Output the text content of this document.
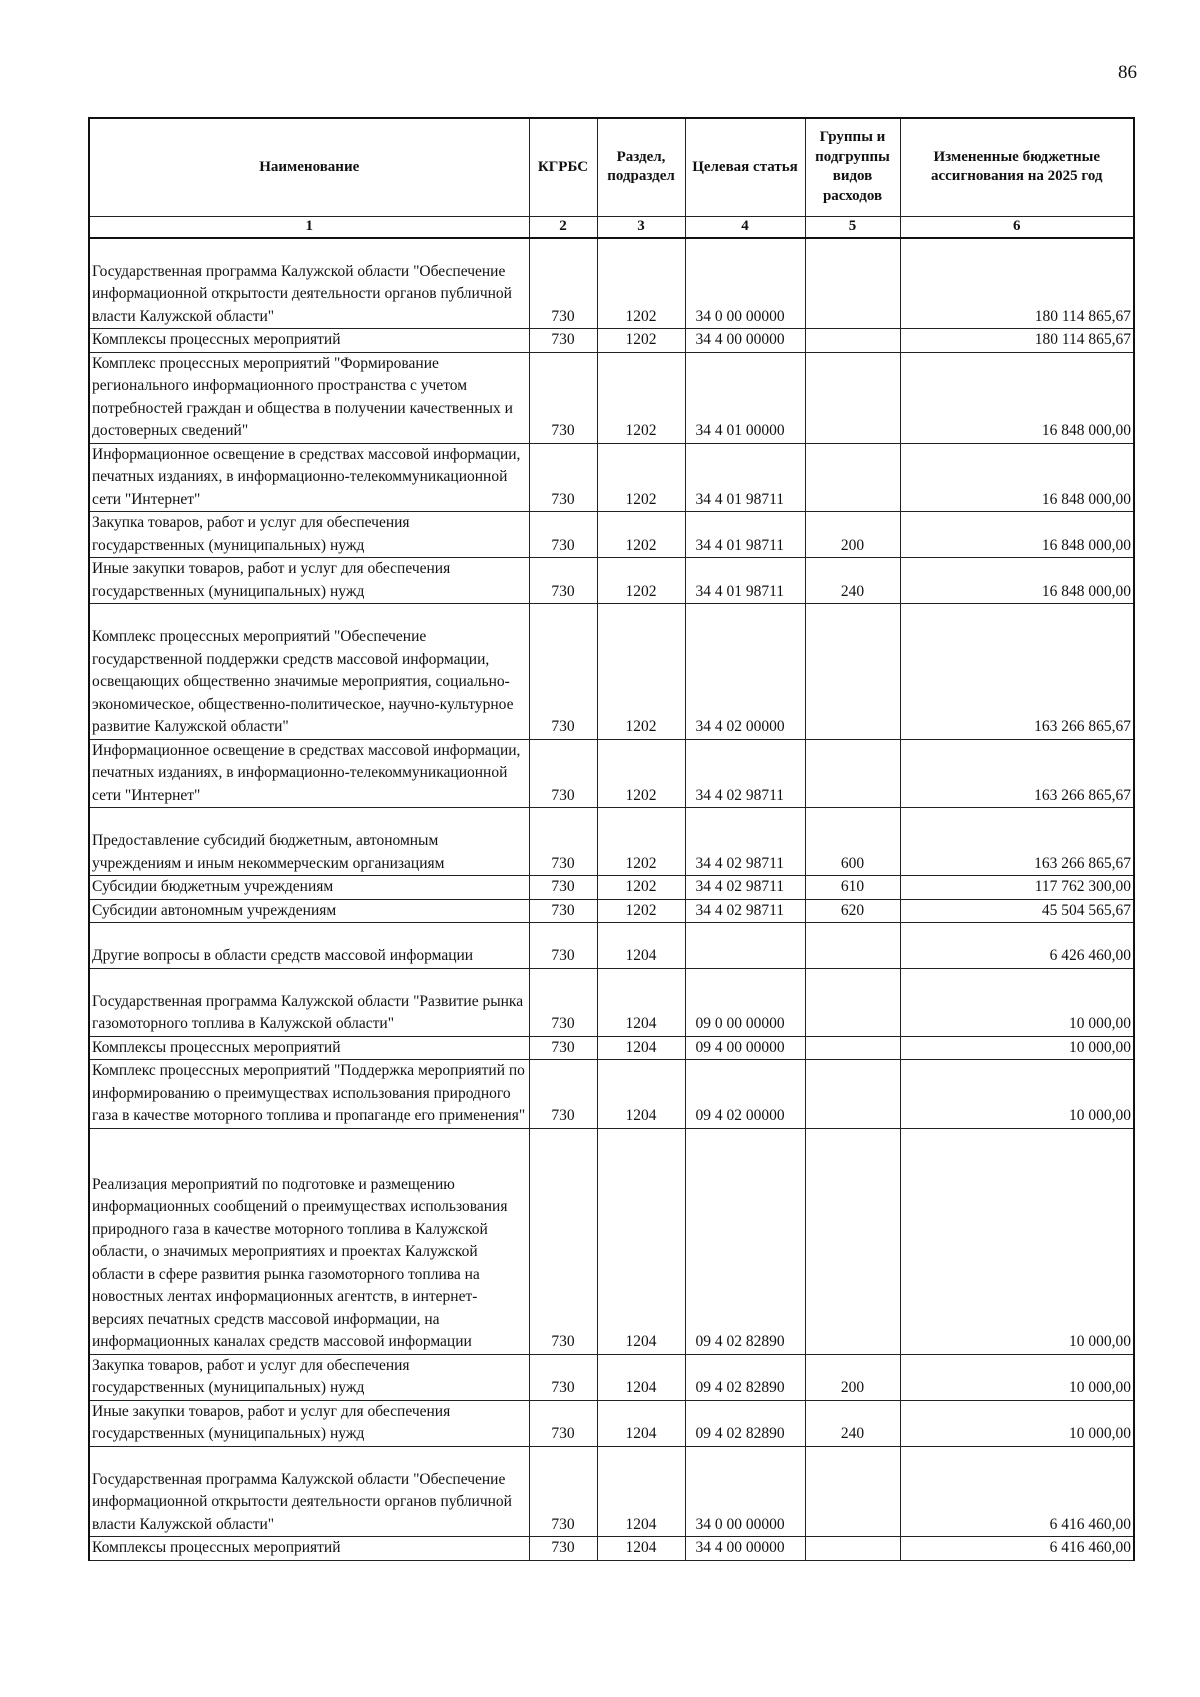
86
Наименование	КГРБС	Раздел, подраздел	Целевая статья	Группы и подгруппы видов расходов	Измененные бюджетные ассигнования на 2025 год
1	2	3	4	5	6

Государственная программа Калужской области "Обеспечение информационной открытости деятельности органов публичной власти Калужской области"	730	1202	34 0 00 00000		180 114 865,67

Комплексы процессных мероприятий	730	1202	34 4 00 00000		180 114 865,67

Комплекс процессных мероприятий "Формирование регионального информационного пространства с учетом потребностей граждан и общества в получении качественных и достоверных сведений"	730	1202	34 4 01 00000		16 848 000,00

Информационное освещение в средствах массовой информации, печатных изданиях, в информационно-телекоммуникационной сети "Интернет"	730	1202	34 4 01 98711		16 848 000,00

Закупка товаров, работ и услуг для обеспечения государственных (муниципальных) нужд	730	1202	34 4 01 98711	200	16 848 000,00

Иные закупки товаров, работ и услуг для обеспечения государственных (муниципальных) нужд	730	1202	34 4 01 98711	240	16 848 000,00

Комплекс процессных мероприятий "Обеспечение государственной поддержки средств массовой информации, освещающих общественно значимые мероприятия, социально-экономическое, общественно-политическое, научно-культурное развитие Калужской области"	730	1202	34 4 02 00000		163 266 865,67

Информационное освещение в средствах массовой информации, печатных изданиях, в информационно-телекоммуникационной сети "Интернет"	730	1202	34 4 02 98711		163 266 865,67

Предоставление субсидий бюджетным, автономным учреждениям и иным некоммерческим организациям	730	1202	34 4 02 98711	600	163 266 865,67

Субсидии бюджетным учреждениям	730	1202	34 4 02 98711	610	117 762 300,00

Субсидии автономным учреждениям	730	1202	34 4 02 98711	620	45 504 565,67

Другие вопросы в области средств массовой информации	730	1204			6 426 460,00

Государственная программа Калужской области "Развитие рынка газомоторного топлива в Калужской области"	730	1204	09 0 00 00000		10 000,00

Комплексы процессных мероприятий	730	1204	09 4 00 00000		10 000,00

Комплекс процессных мероприятий "Поддержка мероприятий по информированию о преимуществах использования природного газа в качестве моторного топлива и пропаганде его применения"	730	1204	09 4 02 00000		10 000,00

Реализация мероприятий по подготовке и размещению информационных сообщений о преимуществах использования природного газа в качестве моторного топлива в Калужской области, о значимых мероприятиях и проектах Калужской области в сфере развития рынка газомоторного топлива на новостных лентах информационных агентств, в интернет-версиях печатных средств массовой информации, на информационных каналах средств массовой информации	730	1204	09 4 02 82890		10 000,00

Закупка товаров, работ и услуг для обеспечения государственных (муниципальных) нужд	730	1204	09 4 02 82890	200	10 000,00

Иные закупки товаров, работ и услуг для обеспечения государственных (муниципальных) нужд	730	1204	09 4 02 82890	240	10 000,00

Государственная программа Калужской области "Обеспечение информационной открытости деятельности органов публичной власти Калужской области"	730	1204	34 0 00 00000		6 416 460,00

Комплексы процессных мероприятий	730	1204	34 4 00 00000		6 416 460,00
